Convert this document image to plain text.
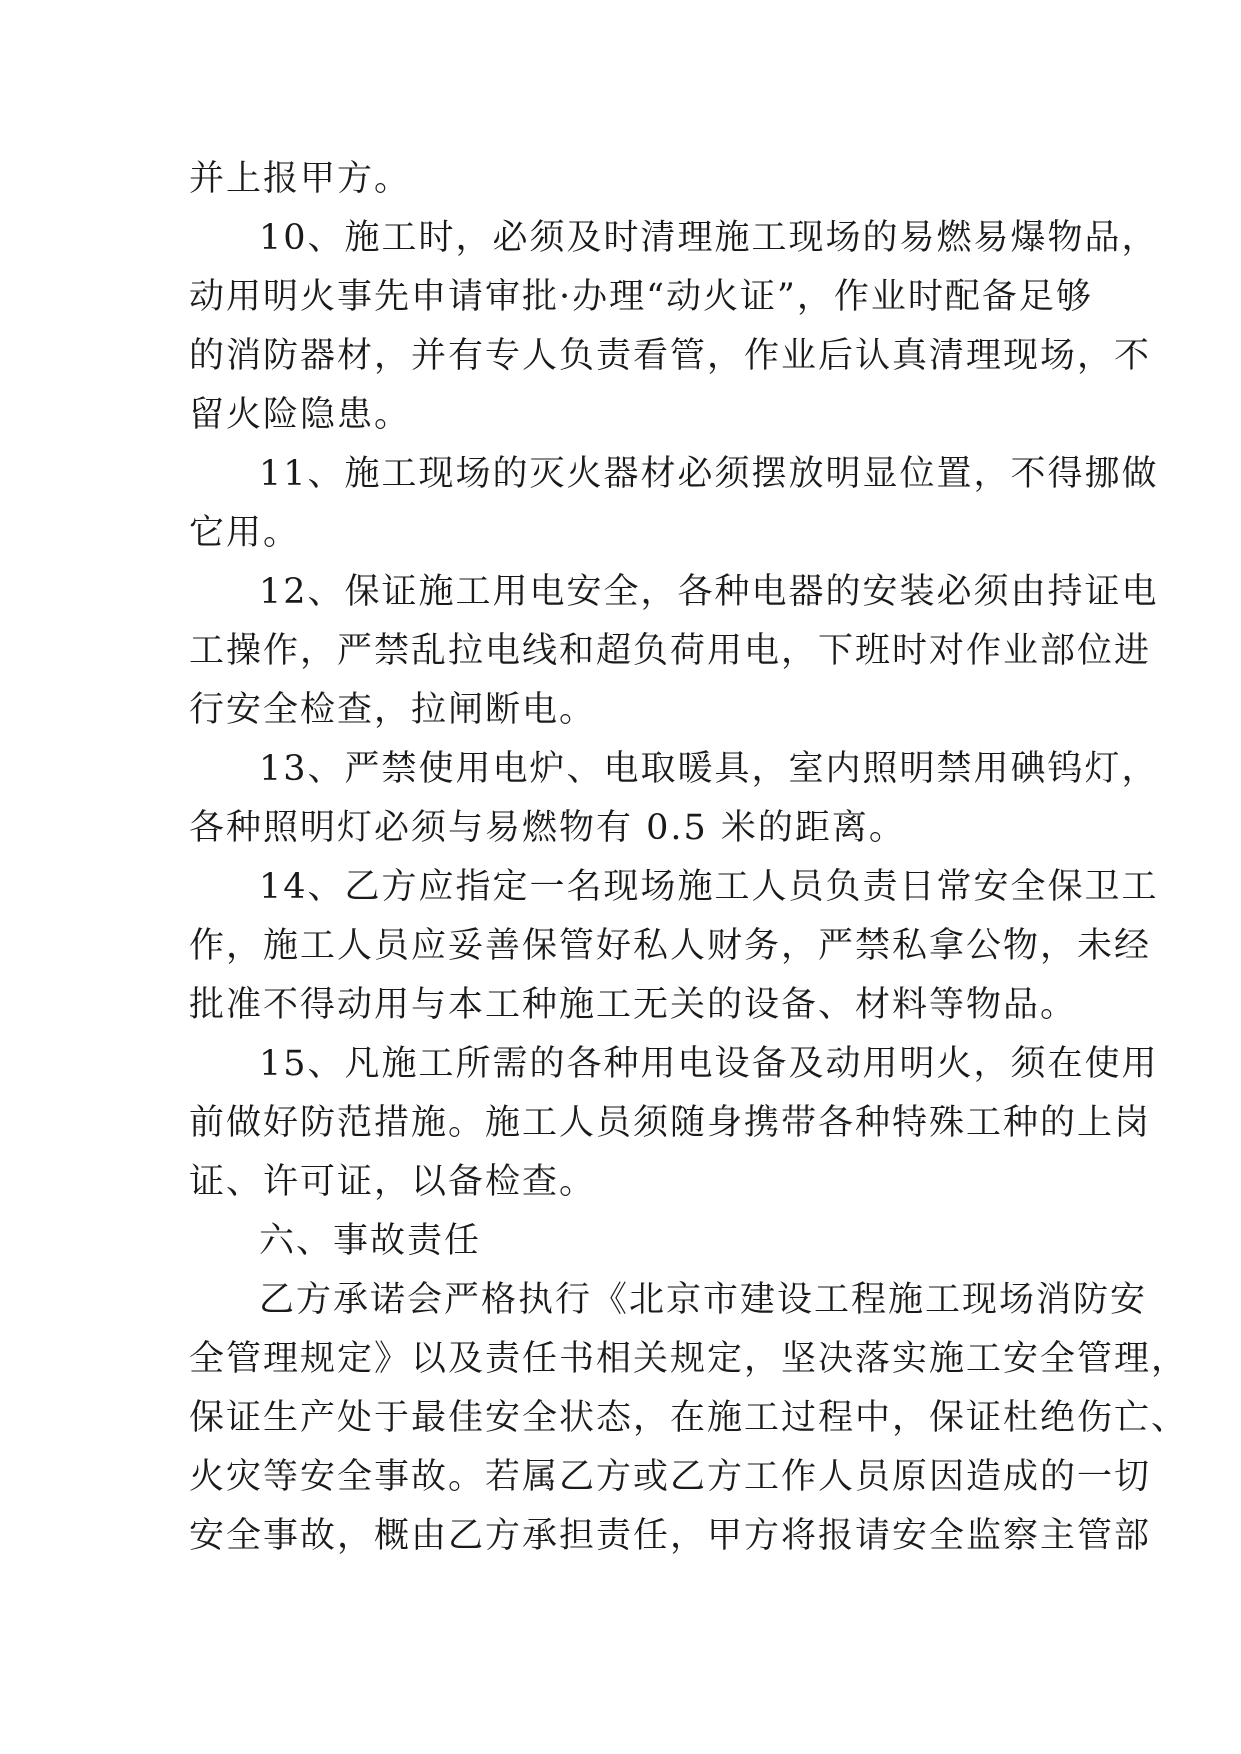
并上报甲方。

10、施工时，必须及时清理施工现场的易燃易爆物品，
动用明火事先申请审批·办理“动火证”，作业时配备足够
的消防器材，并有专人负责看管，作业后认真清理现场，不
留火险隐患。

11、施工现场的灭火器材必须摆放明显位置，不得挪做
它用。

12、保证施工用电安全，各种电器的安装必须由持证电
工操作，严禁乱拉电线和超负荷用电，下班时对作业部位进
行安全检查，拉闸断电。

13、严禁使用电炉、电取暖具，室内照明禁用碘钨灯，
各种照明灯必须与易燃物有 0.5 米的距离。

14、乙方应指定一名现场施工人员负责日常安全保卫工
作，施工人员应妥善保管好私人财务，严禁私拿公物，未经
批准不得动用与本工种施工无关的设备、材料等物品。

15、凡施工所需的各种用电设备及动用明火，须在使用
前做好防范措施。施工人员须随身携带各种特殊工种的上岗
证、许可证，以备检查。

六、事故责任

乙方承诺会严格执行《北京市建设工程施工现场消防安
全管理规定》以及责任书相关规定，坚决落实施工安全管理，
保证生产处于最佳安全状态，在施工过程中，保证杜绝伤亡、
火灾等安全事故。若属乙方或乙方工作人员原因造成的一切
安全事故，概由乙方承担责任，甲方将报请安全监察主管部
